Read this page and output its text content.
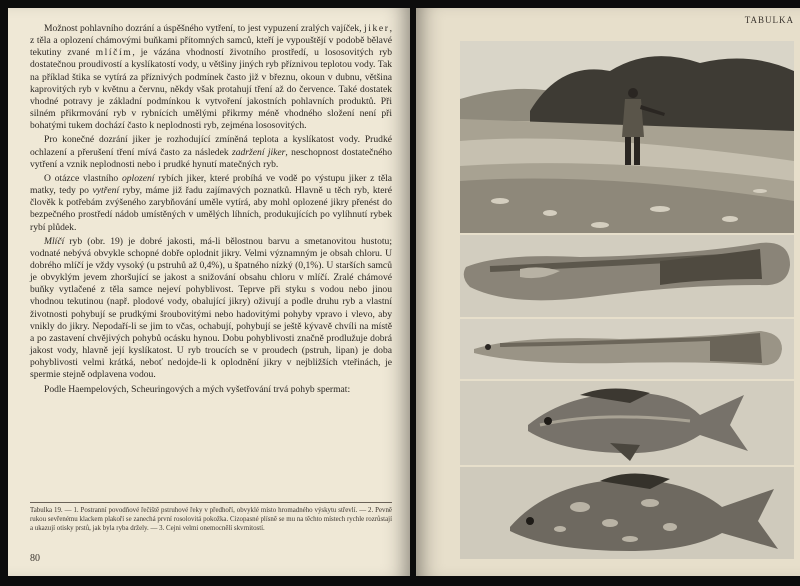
Možnost pohlavního dozrání a úspěšného vytření, to jest vypuzení zralých vajíček, jiker, z těla a oplození chámovými buňkami přítomných samců, kteří je vypouštějí v podobě bělavé tekutiny zvané mlíčím, je vázána vhodností životního prostředí, u lososovitých ryb dostatečnou proudivostí a kyslíkatostí vody, u většiny jiných ryb příznivou teplotou vody. Tak na příklad štika se vytírá za příznivých podmínek často již v březnu, okoun v dubnu, většina kaprovitých ryb v květnu a červnu, někdy však protahují tření až do července. Také dostatek vhodné potravy je základní podmínkou k vytvoření jakostních pohlavních produktů. Při silném přikrmování ryb v rybnících umělými přikrmy méně vhodného složení není při bohatými tukem dochází často k neplodnosti ryb, zejména lososovitých.

Pro konečné dozrání jiker je rozhodující zmíněná teplota a kyslíkatost vody. Prudké ochlazení a přerušení tření mívá často za následek zadržení jiker, neschopnost dostatečného vytření a vznik neplodnosti nebo i prudké hynutí matečných ryb.

O otázce vlastního oplození rybích jiker, které probíhá ve vodě po výstupu jiker z těla matky, tedy po vytření ryby, máme již řadu zajímavých poznatků. Hlavně u těch ryb, které člověk k potřebám zvýšeného zarybňování uměle vytírá, aby mohl oplozené jikry přenést do bezpečného prostředí nádob umístěných v umělých líhních, produkujících po vylíhnutí rybek rybí plůdek.

Mlíčí ryb (obr. 19) je dobré jakosti, má-li bělostnou barvu a smetanovitou hustotu; vodnaté nebývá obvykle schopné dobře oplodnit jikry. Velmi významným je obsah chloru. U dobrého mlíčí je vždy vysoký (u pstruhů až 0,4%), u špatného nízký (0,1%). U starších samců je obvyklým jevem zhoršující se jakost a snižování obsahu chloru v mlíčí. Zralé chámové buňky vytlačené z těla samce nejeví pohyblivost. Teprve při styku s vodou nebo jinou vhodnou tekutinou (např. plodové vody, obalující jikry) oživují a podle druhu ryb a vlastní životnosti pohybují se prudkými šroubovitými nebo hadovitými pohyby vpravo i vlevo, aby vnikly do jikry. Nepodaří-li se jim to včas, ochabují, pohybují se ještě kývavě chvíli na místě a po zastavení chvějivých pohybů ocásku hynou. Dobu pohyblivosti značně prodlužuje dobrá jakost vody, hlavně její kyslíkatost. U ryb troucích se v proudech (pstruh, lipan) je doba pohyblivosti velmi krátká, neboť nedojde-li k oplodnění jikry v nejbližších vteřinách, je spermie stejně odplavena vodou.

Podle Haempelových, Scheuringových a mých vyšetřování trvá pohyb spermat:

Tabulka 19. — 1. Postranní povodňové řečiště pstruhové řeky v předhoří, obvyklé místo hromadného výskytu střevlí. — 2. Pevně rukou sevřenému klackem plakoří se zanechá první rosolovitá pokožka. Cizopasné plísně se mu na těchto místech rychle rozrůstají a ukazují otisky prstů, jak byla ryba držely. — 3. Cejni velmi onemocnělí skvrnitostí.
80
TABULKA
